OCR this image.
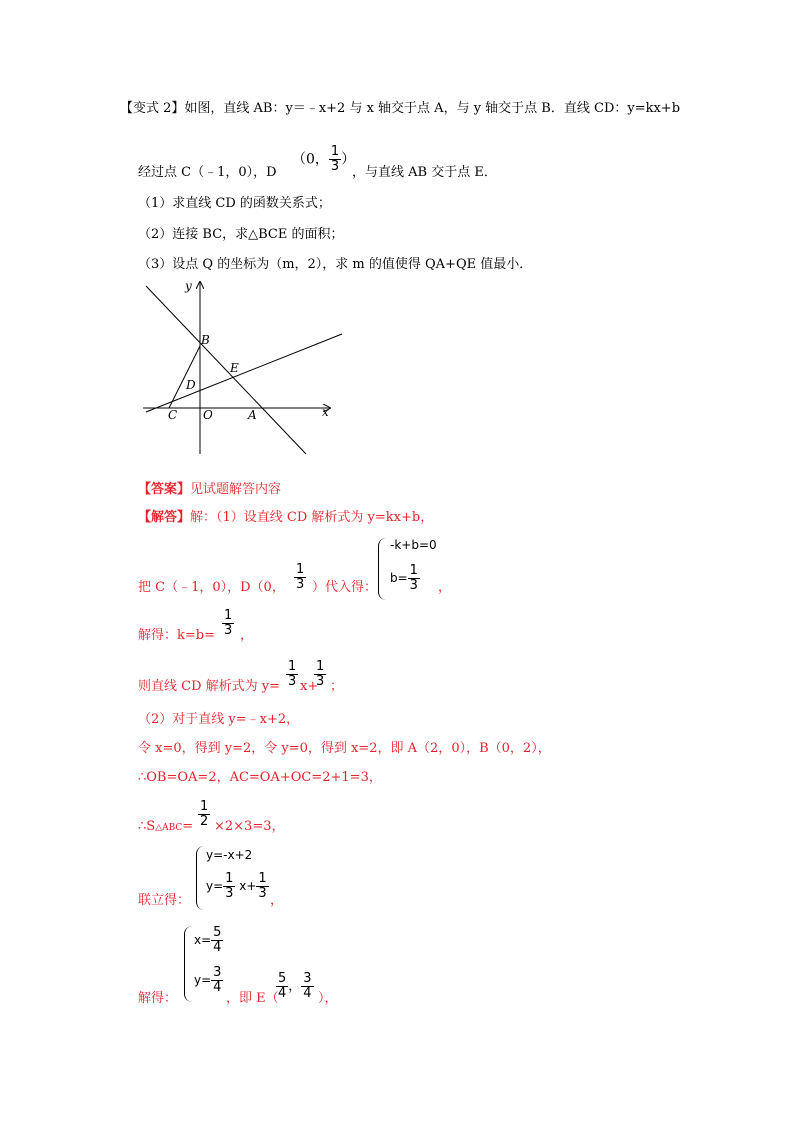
【变式 2】如图，直线 AB：y＝﹣x+2 与 x 轴交于点 A，与 y 轴交于点 B．直线 CD：y=kx+b
经过点 C（﹣1，0），D
（0， $\frac{1}{3}$ ）
，与直线 AB 交于点 E．
（1）求直线 CD 的函数关系式；
（2）连接 BC，求△BCE 的面积；
（3）设点 Q 的坐标为（m，2），求 m 的值使得 QA+QE 值最小．
y
x
B
E
D
C O	A
【答案】见试题解答内容
【解答】解：（1）设直线 CD 解析式为 y=kx+b，
把 C（﹣1，0），D（0， $\frac{1}{3}$ ）代入得：
-k+b=0
$b= \frac{1}{3}$ ，
解得：$k=b= \frac{1}{3}$ ，
则直线 CD 解析式为 $y= \frac{1}{3} x+$
$\frac{1}{3}$ ；
（2）对于直线 y=﹣x+2，
令 x=0，得到 y=2，令 y=0，得到 x=2，即 A（2，0），B（0，2），
∴OB=OA=2，AC=OA+OC=2+1=3，
∴S△ABC= $\frac{1}{2} \times 2\times 3=3$，
联立得：
y=-x+2
$y= \frac{1}{3} x+ \frac{1}{3}$ ，
解得：
$x= \frac{5}{4}$
$y= \frac{3}{4}$
，即 E（
$\frac{5}{4}$ ， $\frac{3}{4}$ ），
